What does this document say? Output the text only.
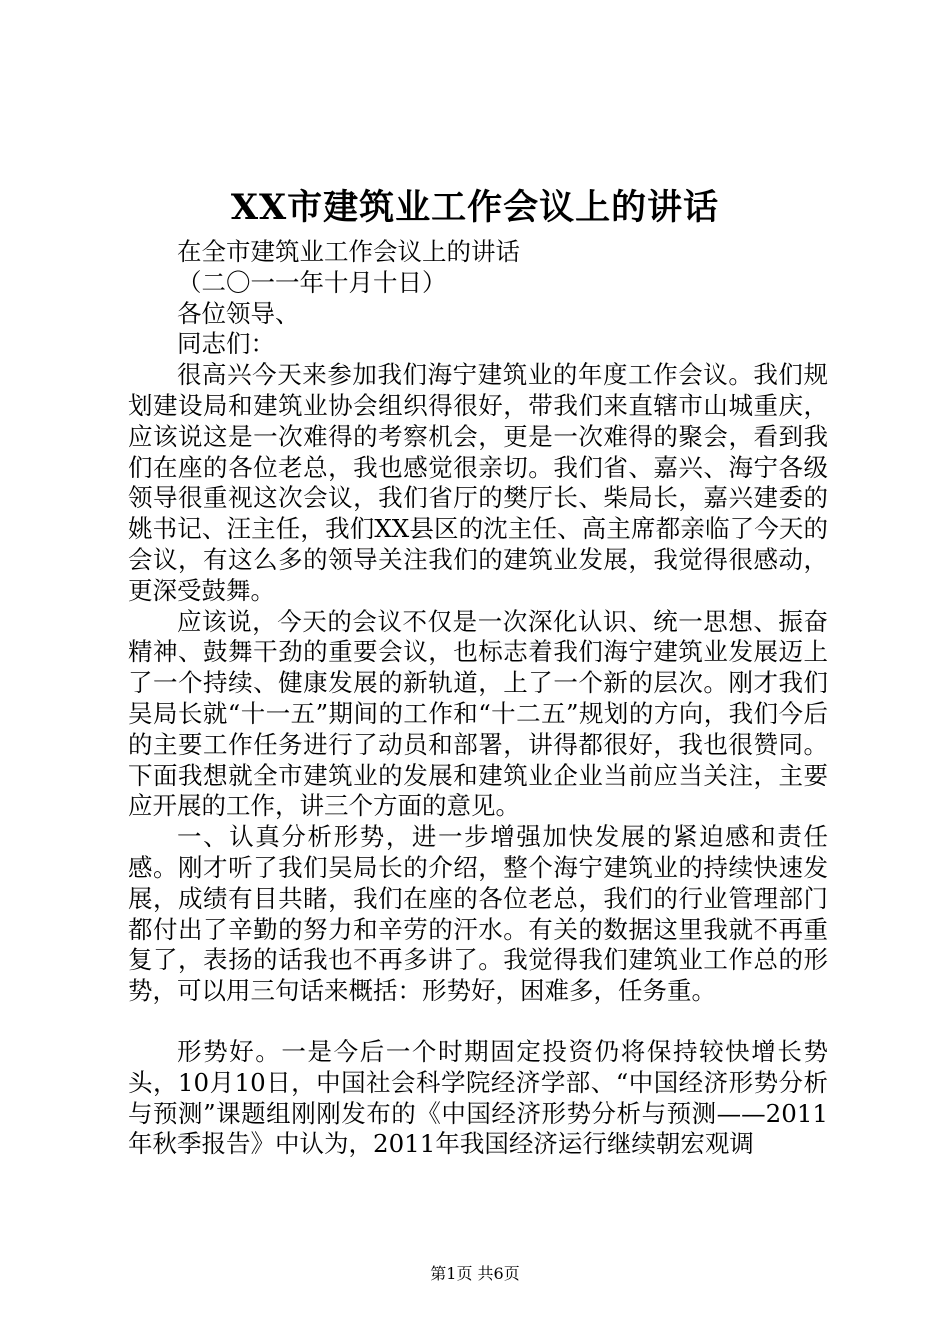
XX市建筑业工作会议上的讲话

在全市建筑业工作会议上的讲话

（二〇一一年十月十日）

各位领导、

同志们：

很高兴今天来参加我们海宁建筑业的年度工作会议。我们规划建设局和建筑业协会组织得很好，带我们来直辖市山城重庆，应该说这是一次难得的考察机会，更是一次难得的聚会，看到我们在座的各位老总，我也感觉很亲切。我们省、嘉兴、海宁各级领导很重视这次会议，我们省厅的樊厅长、柴局长，嘉兴建委的姚书记、汪主任，我们XX县区的沈主任、高主席都亲临了今天的会议，有这么多的领导关注我们的建筑业发展，我觉得很感动，更深受鼓舞。

应该说，今天的会议不仅是一次深化认识、统一思想、振奋精神、鼓舞干劲的重要会议，也标志着我们海宁建筑业发展迈上了一个持续、健康发展的新轨道，上了一个新的层次。刚才我们吴局长就“十一五”期间的工作和“十二五”规划的方向，我们今后的主要工作任务进行了动员和部署，讲得都很好，我也很赞同。下面我想就全市建筑业的发展和建筑业企业当前应当关注，主要应开展的工作，讲三个方面的意见。

一、认真分析形势，进一步增强加快发展的紧迫感和责任感。刚才听了我们吴局长的介绍，整个海宁建筑业的持续快速发展，成绩有目共睹，我们在座的各位老总，我们的行业管理部门都付出了辛勤的努力和辛劳的汗水。有关的数据这里我就不再重复了，表扬的话我也不再多讲了。我觉得我们建筑业工作总的形势，可以用三句话来概括：形势好，困难多，任务重。

形势好。一是今后一个时期固定投资仍将保持较快增长势头，10月10日，中国社会科学院经济学部、“中国经济形势分析与预测”课题组刚刚发布的《中国经济形势分析与预测——2011年秋季报告》中认为，2011年我国经济运行继续朝宏观调

第1页 共6页
